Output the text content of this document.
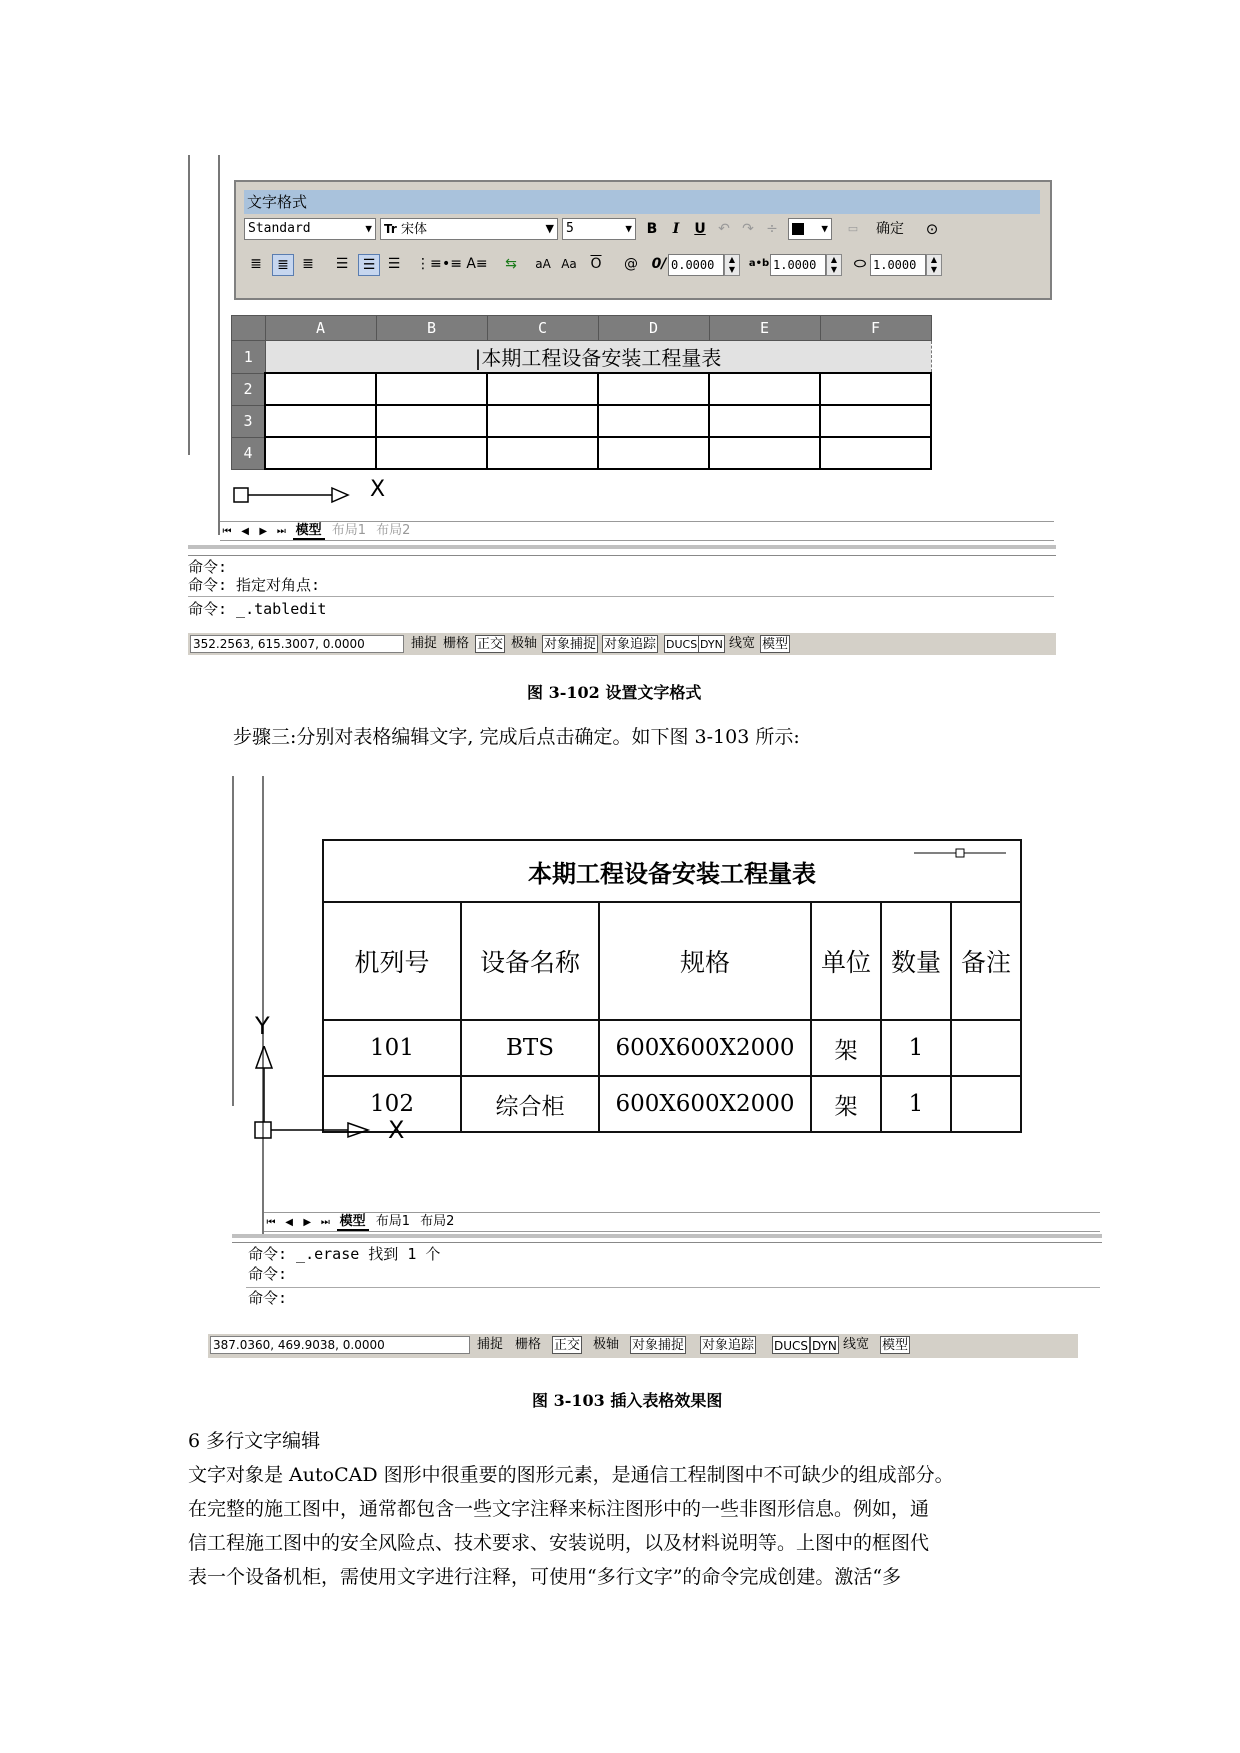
文字格式
Standard	▼	Tr 宋体	▼ 5	▼	B	I	U ↶ ↷ ÷	▼	▭	确定 ⊙
≣	≣ ≣ ☰	☰ ☰ ⋮≡ •≡ A≡	⇆	aA Aa $\overline{O}$	@ 0/ 0.0000	▲
▼
a•b 1.0000	▲
▼	⬭ 1.0000	▲
▼
	A	B	C	D	E	F
1	|本期工程设备安装工程量表					
2						
3						
4						
X
⏮ ◀ ▶ ⏭ 模型 布局1 布局2
命令:
命令: 指定对角点:
命令: _.tabledit
352.2563, 615.3007, 0.0000	捕捉 栅格 正交 极轴 对象捕捉 对象追踪 DUCS DYN 线宽 模型
图 3-102 设置文字格式
步骤三:分别对表格编辑文字, 完成后点击确定。如下图 3-103 所示:
本期工程设备安装工程量表					

机列号	设备名称	规格	单位	数量	备注
101	BTS	600X600X2000	架	1	
102	综合柜	600X600X2000	架	1	
Y
X
⏮ ◀ ▶ ⏭ 模型 布局1 布局2
命令: _.erase 找到 1 个
命令:
命令:
387.0360, 469.9038, 0.0000	捕捉 栅格 正交 极轴 对象捕捉 对象追踪 DUCS DYN 线宽 模型
图 3-103 插入表格效果图
6 多行文字编辑
文字对象是 AutoCAD 图形中很重要的图形元素，是通信工程制图中不可缺少的组成部分。
在完整的施工图中，通常都包含一些文字注释来标注图形中的一些非图形信息。例如，通
信工程施工图中的安全风险点、技术要求、安装说明，以及材料说明等。上图中的框图代
表一个设备机柜，需使用文字进行注释，可使用“多行文字”的命令完成创建。激活“多
